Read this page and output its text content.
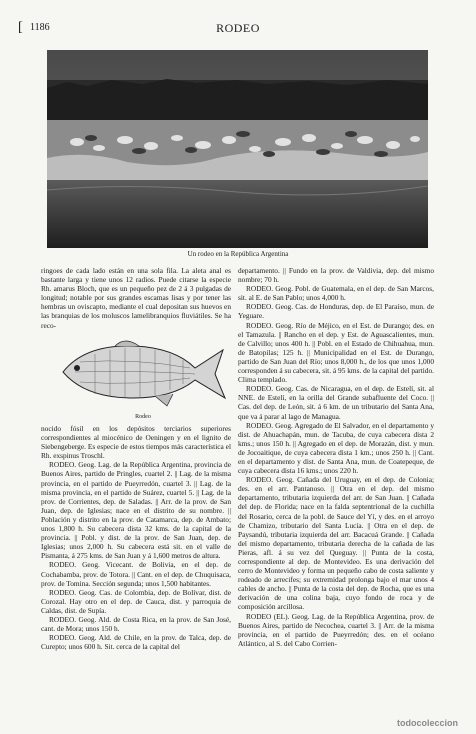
[ 1186	RODEO
Un rodeo en la República Argentina

ringoes de cada lado están en una sola fila. La aleta anal es bastante larga y tiene unos 12 radios. Puede citarse la especie Rh. amarus Bloch, que es un pequeño pez de 2 á 3 pulgadas de longitud; notable por sus grandes escamas lisas y por tener las hembras un oviscapto, mediante el cual depositan sus huevos en las branquias de los moluscos lamelibranquios fluviátiles. Se ha reco-

Rodeo

nocido fósil en los depósitos terciarios superiores correspondientes al miocénico de Oeningen y en el lignito de Siebengeberge. Es especie de estos tiempos más característica el Rh. exspinus Troschl.

RODEO. Geog. Lag. de la República Argentina, provincia de Buenos Aires, partido de Pringles, cuartel 2. || Lag. de la misma provincia, en el partido de Pueyrredón, cuartel 3. || Lag. de la misma provincia, en el partido de Suárez, cuartel 5. || Lag. de la prov. de Corrientes, dep. de Saladas. || Arr. de la prov. de San Juan, dep. de Iglesias; nace en el distrito de su nombre. || Población y distrito en la prov. de Catamarca, dep. de Ambato; unos 1,800 h. Su cabecera dista 32 kms. de la capital de la provincia. || Pobl. y dist. de la prov. de San Juan, dep. de Iglesias; unos 2,000 h. Su cabecera está sit. en el valle de Pismanta, á 275 kms. de San Juan y á 1,600 metros de altura.

RODEO. Geog. Vicecant. de Bolivia, en el dep. de Cochabamba, prov. de Totora. || Cant. en el dep. de Chuquisaca, prov. de Tomina. Sección segunda; unos 1,500 habitantes.

RODEO. Geog. Cas. de Colombia, dep. de Bolívar, dist. de Corozal. Hay otro en el dep. de Cauca, dist. y parroquia de Caldas, dist. de Supía.

RODEO. Geog. Ald. de Costa Rica, en la prov. de San José, cant. de Mora; unos 150 h.

RODEO. Geog. Ald. de Chile, en la prov. de Talca, dep. de Curepto; unos 600 h. Sit. cerca de la capital del

departamento. || Fundo en la prov. de Valdivia, dep. del mismo nombre; 70 h.

RODEO. Geog. Pobl. de Guatemala, en el dep. de San Marcos, sit. al E. de San Pablo; unos 4,000 h.

RODEO. Geog. Cas. de Honduras, dep. de El Paraíso, mun. de Yeguare.

RODEO. Geog. Río de Méjico, en el Est. de Durango; des. en el Tamazula. || Rancho en el dep. y Est. de Aguascalientes, mun. de Calvillo; unos 400 h. || Pobl. en el Estado de Chihuahua, mun. de Batopilas; 125 h. || Municipalidad en el Est. de Durango, partido de San Juan del Río; unos 8,000 h., de los que unos 1,000 corresponden á su cabecera, sit. á 95 kms. de la capital del partido. Clima templado.

RODEO. Geog. Cas. de Nicaragua, en el dep. de Estelí, sit. al NNE. de Estelí, en la orilla del Grande subafluente del Coco. || Cas. del dep. de León, sit. á 6 km. de un tributario del Santa Ana, que va á parar al lago de Managua.

RODEO. Geog. Agregado de El Salvador, en el departamento y dist. de Ahuachapán, mun. de Tacuba, de cuya cabecera dista 2 kms.; unos 150 h. || Agregado en el dep. de Morazán, dist. y mun. de Jocoaitique, de cuya cabecera dista 1 km.; unos 250 h. || Cant. en el departamento y dist. de Santa Ana, mun. de Coatepeque, de cuya cabecera dista 16 kms.; unos 220 h.

RODEO. Geog. Cañada del Uruguay, en el dep. de Colonia; des. en el arr. Pantanoso. || Otra en el dep. del mismo departamento, tributaria izquierda del arr. de San Juan. || Cañada del dep. de Florida; nace en la falda septentrional de la cuchilla del Rosario, cerca de la pobl. de Sauce del Yí, y des. en el arroyo de Chamizo, tributario del Santa Lucía. || Otra en el dep. de Paysandú, tributaria izquierda del arr. Bacacuá Grande. || Cañada del mismo departamento, tributaria derecha de la cañada de las Pieras, afl. á su vez del Queguay. || Punta de la costa, correspondiente al dep. de Montevideo. Es una derivación del cerro de Montevideo y forma un pequeño cabo de costa saliente y rodeado de arrecifes; su extremidad prolonga bajo el mar unos 4 cables de ancho. || Punta de la costa del dep. de Rocha, que es una derivación de una colina baja, cuyo fondo de roca y de composición arcillosa.

RODEO (EL). Geog. Lag. de la República Argentina, prov. de Buenos Aires, partido de Necochea, cuartel 3. || Arr. de la misma provincia, en el partido de Pueyrredón; des. en el océano Atlántico, al S. del Cabo Corrien-

todocoleccion
